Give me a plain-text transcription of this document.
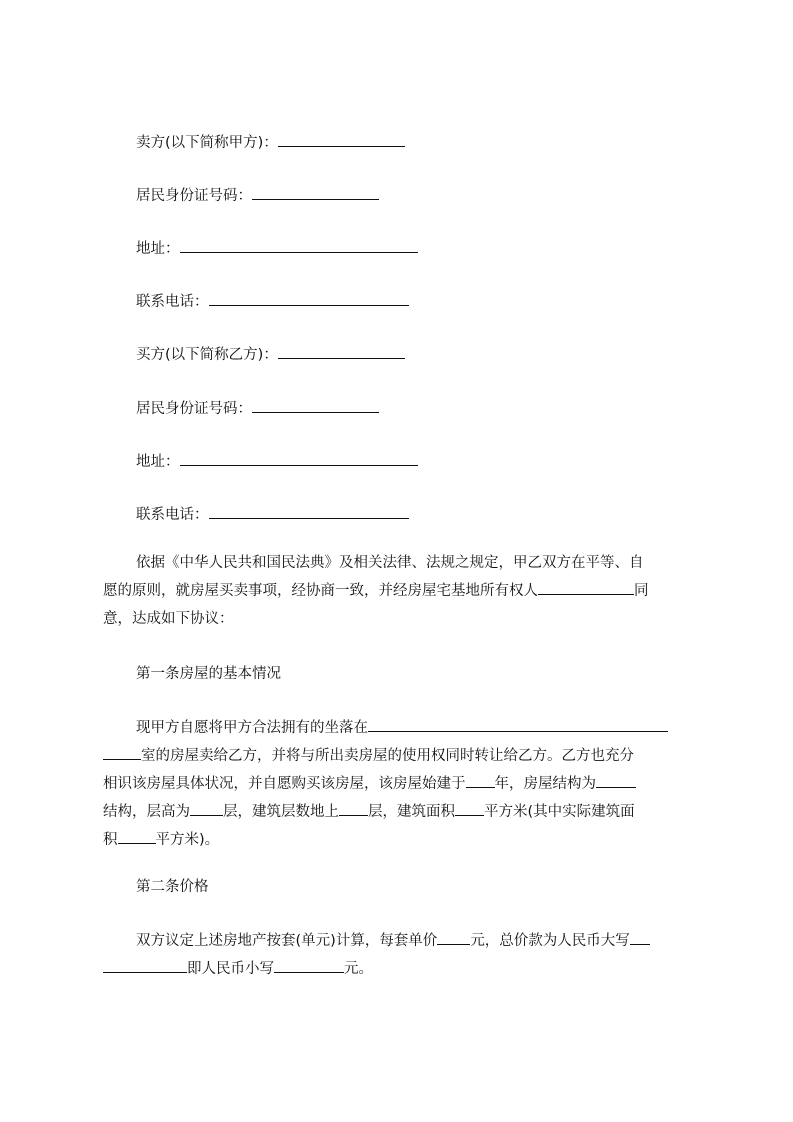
卖方(以下简称甲方)：
居民身份证号码：
地址：
联系电话：
买方(以下简称乙方)：
居民身份证号码：
地址：
联系电话：
依据《中华人民共和国民法典》及相关法律、法规之规定，甲乙双方在平等、自
愿的原则，就房屋买卖事项，经协商一致，并经房屋宅基地所有权人	同
意，达成如下协议：
第一条房屋的基本情况
现甲方自愿将甲方合法拥有的坐落在
室的房屋卖给乙方，并将与所出卖房屋的使用权同时转让给乙方。乙方也充分
相识该房屋具体状况，并自愿购买该房屋，该房屋始建于 年，房屋结构为
结构，层高为 层，建筑层数地上 层，建筑面积 平方米(其中实际建筑面
积	平方米)。
第二条价格
双方议定上述房地产按套(单元)计算，每套单价 元，总价款为人民币大写
即人民币小写	元。
